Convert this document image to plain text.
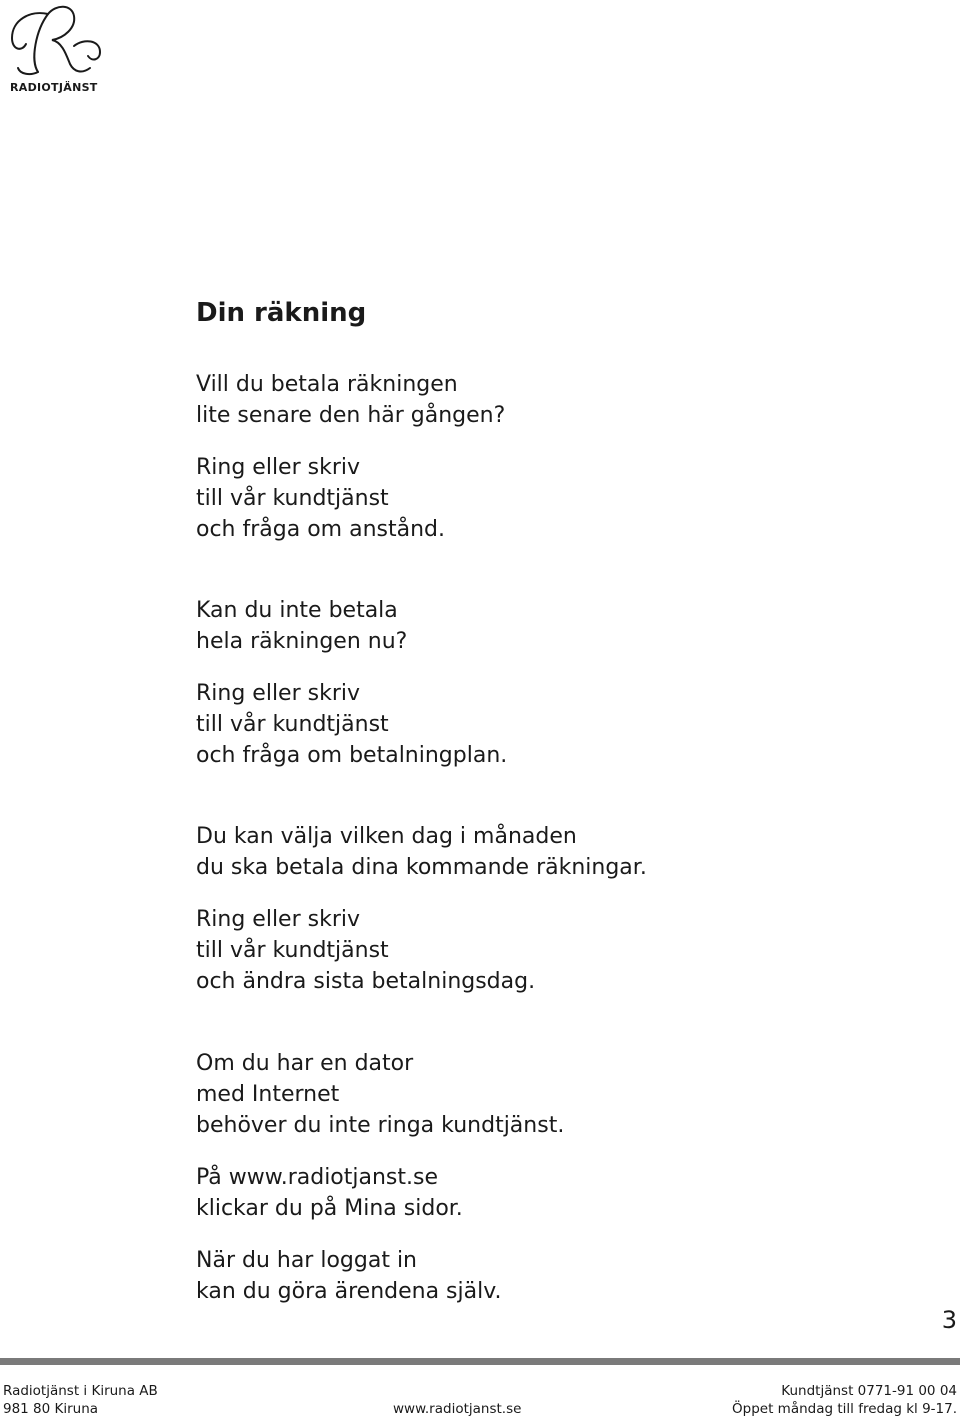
RADIOTJÄNST
Din räkning

Vill du betala räkningen
lite senare den här gången?

Ring eller skriv
till vår kundtjänst
och fråga om anstånd.

Kan du inte betala
hela räkningen nu?

Ring eller skriv
till vår kundtjänst
och fråga om betalningplan.

Du kan välja vilken dag i månaden
du ska betala dina kommande räkningar.

Ring eller skriv
till vår kundtjänst
och ändra sista betalningsdag.

Om du har en dator
med Internet
behöver du inte ringa kundtjänst.

På www.radiotjanst.se
klickar du på Mina sidor.

När du har loggat in
kan du göra ärendena själv.

3
Radiotjänst i Kiruna AB
981 80 Kiruna	www.radiotjanst.se
Kundtjänst 0771-91 00 04
Öppet måndag till fredag kl 9-17.
